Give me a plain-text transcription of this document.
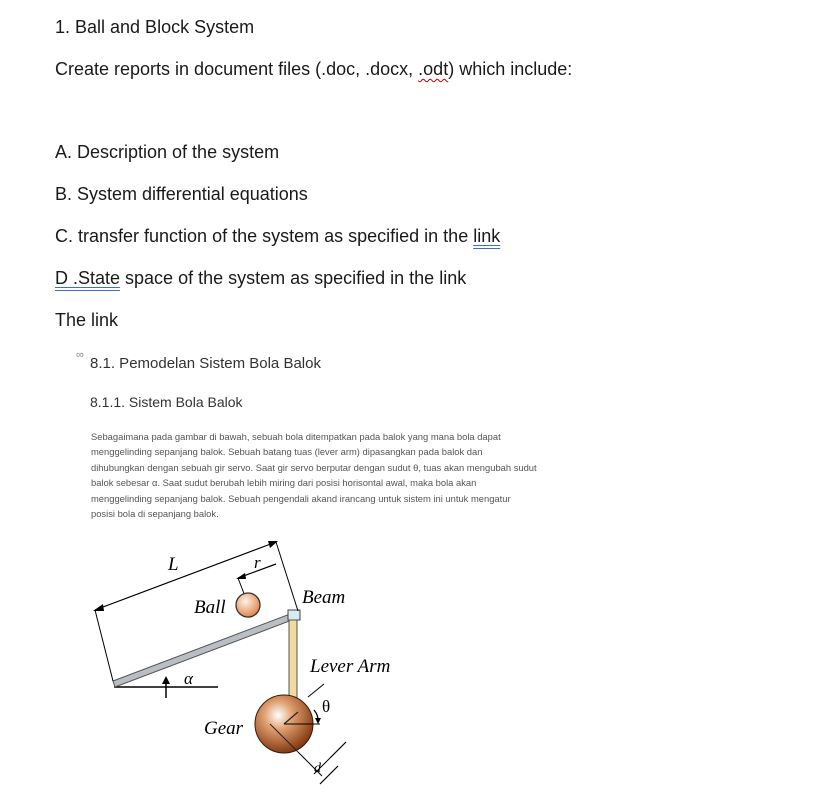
1. Ball and Block System
Create reports in document files (.doc, .docx, .odt) which include:
A. Description of the system
B. System differential equations
C. transfer function of the system as specified in the link
D .State space of the system as specified in the link
The link
∞ 8.1. Pemodelan Sistem Bola Balok
8.1.1. Sistem Bola Balok

Sebagaimana pada gambar di bawah, sebuah bola ditempatkan pada balok yang mana bola dapat

menggelinding sepanjang balok. Sebuah batang tuas (lever arm) dipasangkan pada balok dan

dihubungkan dengan sebuah gir servo. Saat gir servo berputar dengan sudut θ, tuas akan mengubah sudut

balok sebesar α. Saat sudut berubah lebih miring dari posisi horisontal awal, maka bola akan

menggelinding sepanjang balok. Sebuah pengendali akand irancang untuk sistem ini untuk mengatur

posisi bola di sepanjang balok.

L	r
Ball	Beam
Lever Arm
α
θ
Gear
d
